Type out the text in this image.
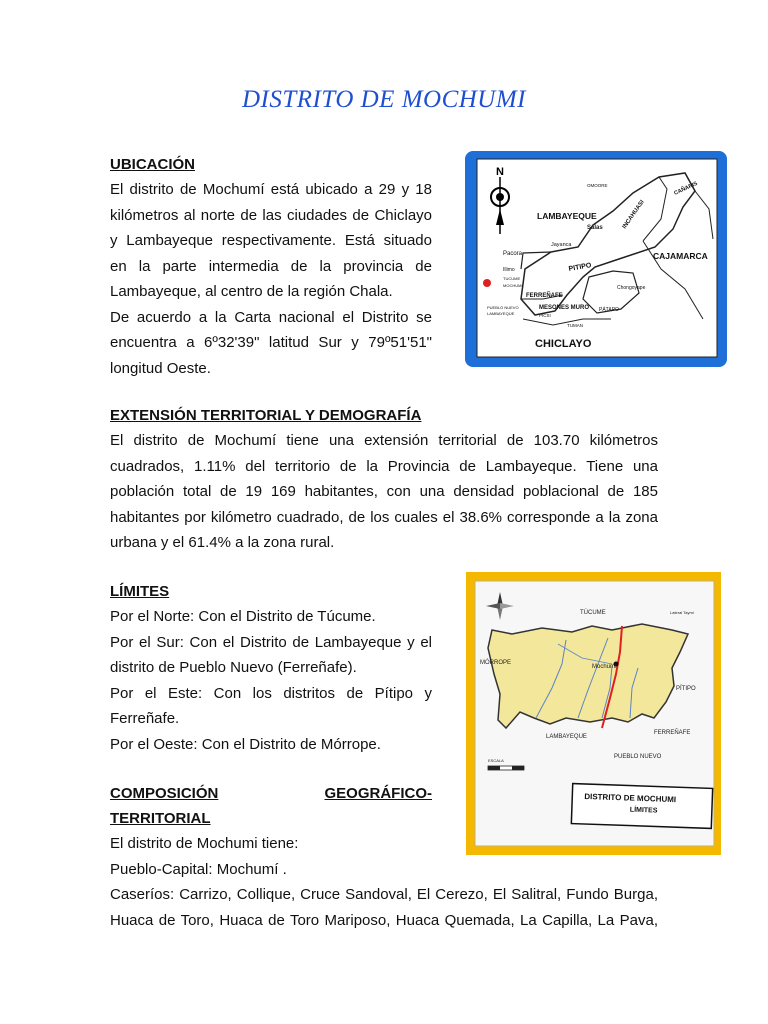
DISTRITO DE MOCHUMI
UBICACIÓN
El distrito de Mochumí está ubicado a 29 y 18
kilómetros al norte de las ciudades de Chiclayo
y Lambayeque respectivamente. Está situado
en la parte intermedia de la provincia de
Lambayeque, al centro de la región Chala.
De acuerdo a la Carta nacional el Distrito se
encuentra a 6º32'39" latitud Sur y 79º51'51"
longitud Oeste.
N
LAMBAYEQUE
Salas
CAJAMARCA
CHICLAYO
PITIPO
FERREÑAFE
MESONES MURO
Pacora
Illimo
Jayanca
INCAHUASI
CAÑARIS
TUCUME
MOCHUMI
OMOORE
PUEBLO NUEVO
LAMBAYEQUE
PÁTAPO
TUMAN
PICSI
Chongoyape
EXTENSIÓN TERRITORIAL Y DEMOGRAFÍA
El distrito de Mochumí tiene una extensión territorial de 103.70 kilómetros
cuadrados, 1.11% del territorio de la Provincia de Lambayeque. Tiene una
población total de 19 169 habitantes, con una densidad poblacional de 185
habitantes por kilómetro cuadrado, de los cuales el 38.6% corresponde a la zona
urbana y el 61.4% a la zona rural.
LÍMITES
Por el Norte: Con el Distrito de Túcume.
Por el Sur: Con el Distrito de Lambayeque y el
distrito de Pueblo Nuevo (Ferreñafe).
Por el Este: Con los distritos de Pítipo y
Ferreñafe.
Por el Oeste: Con el Distrito de Mórrope.
TÚCUME	Lateral Taymi
MÓRROPE
Mochumí
PÍTIPO
FERREÑAFE
LAMBAYEQUE
PUEBLO NUEVO
ESCALA
DISTRITO DE MOCHUMI
LÍMITES
COMPOSICIÓN	GEOGRÁFICO-
TERRITORIAL
El distrito de Mochumi tiene:
Pueblo-Capital: Mochumí .
Caseríos: Carrizo, Collique, Cruce Sandoval, El Cerezo, El Salitral, Fundo Burga,
Huaca de Toro, Huaca de Toro Mariposo, Huaca Quemada, La Capilla, La Pava,
